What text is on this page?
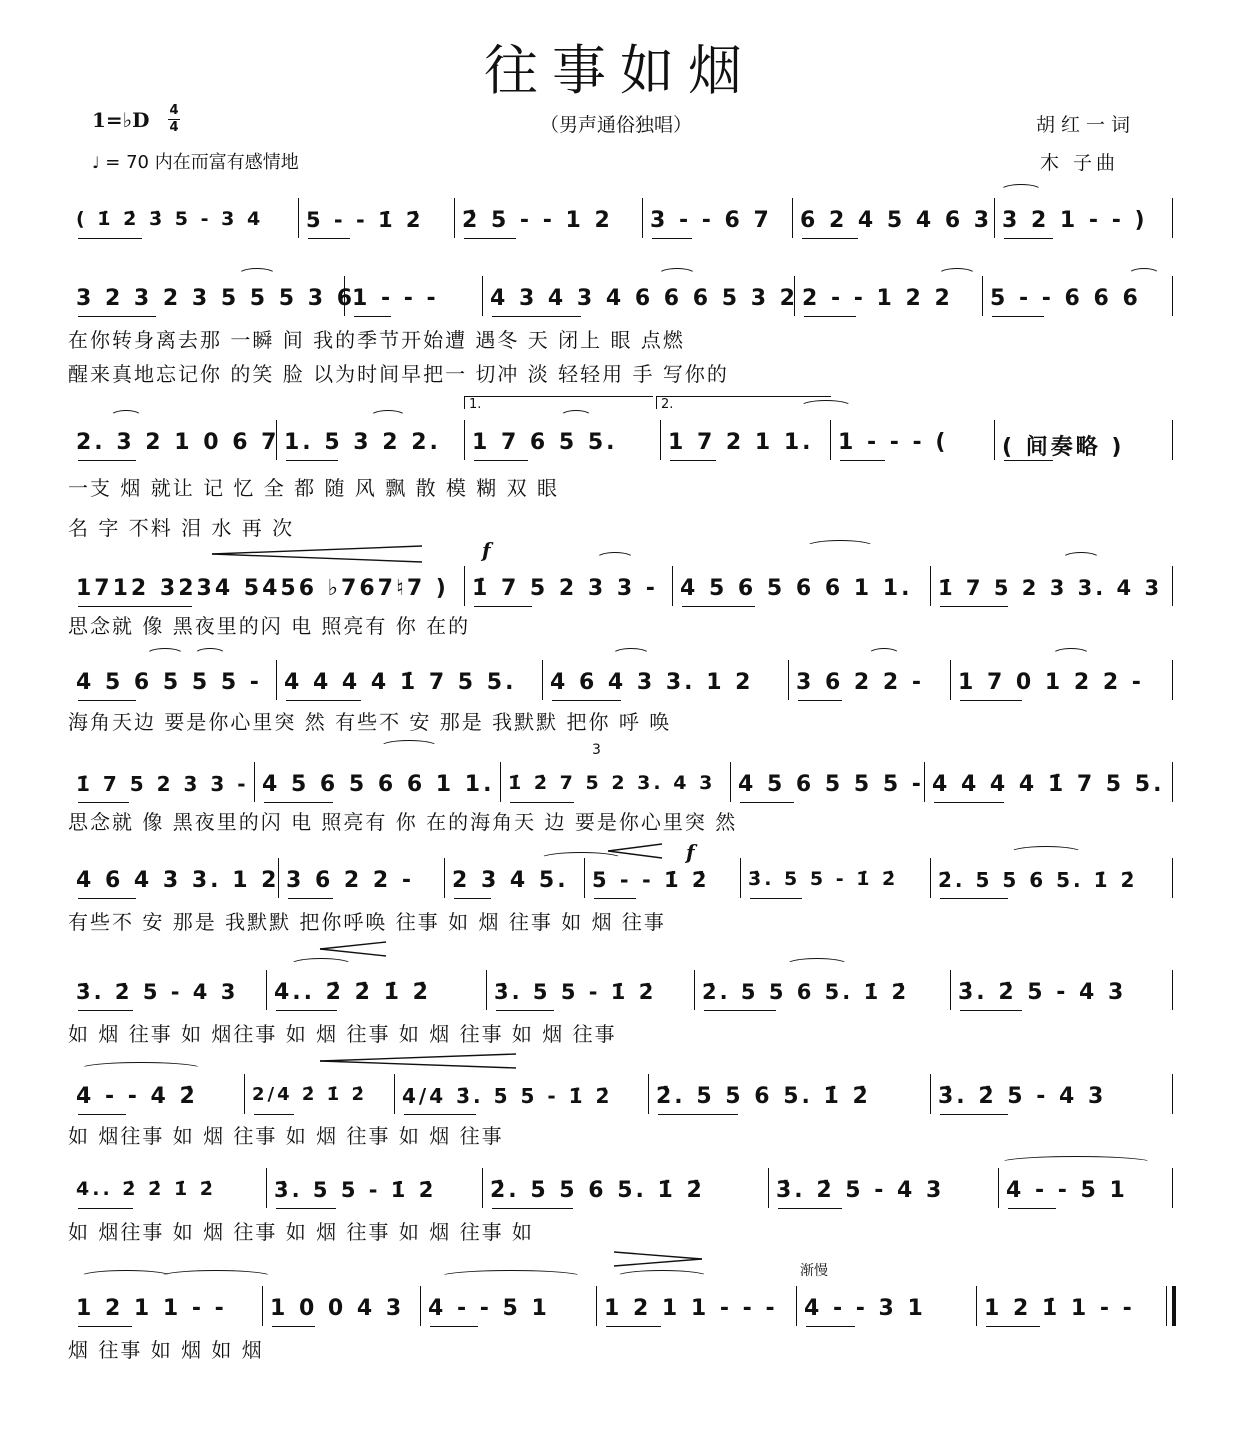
往事如烟
1=♭D 4
4	（男声通俗独唱）	胡红一词
木 子曲
♩ = 70 内在而富有感情地
( 1̇ 2̇ 3̇ 5 - 3 4	5 - - 1̇ 2̇	2̇ 5 - - 1 2	3 - - 6 7	6 2 4 5 4 6 3 3 2 1 - - )
3 2 3 2 3 5 5 5 3 6
1 - - -	4 3 4 3 4 6 6 6 5 3 2 2 - - 1 2 2	5 - - 6 6 6
在你转身离去那 一瞬 间 我的季节开始遭 遇冬 天 闭上 眼 点燃
醒来真地忘记你 的笑 脸 以为时间早把一 切冲 淡 轻轻用 手 写你的
2. 3 2 1 0 6 7 1. 5 3 2 2.	1 7 6 5 5.	1 7 2 1 1.	1 - - - (	( 间奏略 )
一支 烟 就让 记 忆 全 都 随 风 飘 散 模 糊 双 眼
名 字 不料 泪 水 再 次
1712 3234 5456 ♭767♮7 )	1̇ 7 5 2 3 3 -	4 5 6 5 6 6 1 1.	1̇ 7 5 2 3 3. 4 3
思念就 像 黑夜里的闪 电 照亮有 你 在的
4 5 6 5 5 5 -	4 4 4 4 1̇ 7 5 5.	4 6 4 3 3. 1 2	3 6 2 2 -	1 7 0 1 2 2 -
海角天边 要是你心里突 然 有些不 安 那是 我默默 把你 呼 唤
1̇ 7 5 2 3 3 - 4 5 6 5 6 6 1 1. 1̇ 2̇ 7 5 2 3. 4 3	4 5 6 5 5 5 - 4 4 4 4 1̇ 7 5 5.
思念就 像 黑夜里的闪 电 照亮有 你 在的海角天 边 要是你心里突 然
4 6 4 3 3. 1 2 3 6 2 2 -	2 3 4 5.	5 - - 1̇ 2̇	3̇. 5 5 - 1̇ 2̇	2̇. 5 5 6 5. 1̇ 2̇
有些不 安 那是 我默默 把你呼唤 往事 如 烟 往事 如 烟 往事
3̇. 2̇ 5 - 4 3	4.. 2̇ 2̇ 1̇ 2̇	3̇. 5 5 - 1̇ 2̇	2̇. 5 5 6 5. 1̇ 2̇	3̇. 2̇ 5 - 4 3
如 烟 往事 如 烟往事 如 烟 往事 如 烟 往事 如 烟 往事
4 - - 4 2̇	2/4 2̇ 1̇ 2̇	4/4 3̇. 5 5 - 1̇ 2̇	2̇. 5 5 6 5. 1̇ 2̇	3̇. 2̇ 5 - 4 3
如 烟往事 如 烟 往事 如 烟 往事 如 烟 往事
4.. 2̇ 2̇ 1̇ 2̇	3̇. 5 5 - 1̇ 2̇	2̇. 5 5 6 5. 1̇ 2̇	3̇. 2̇ 5 - 4 3	4 - - 5 1
如 烟往事 如 烟 往事 如 烟 往事 如 烟 往事 如
1 2 1 1 - -	1 0 0 4 3	4 - - 5 1	1 2 1 1 - - -	4 - - 3 1	1 2 1̇ 1 - -
烟 往事 如 烟 如 烟
1.	2.
f
f
渐慢
3
